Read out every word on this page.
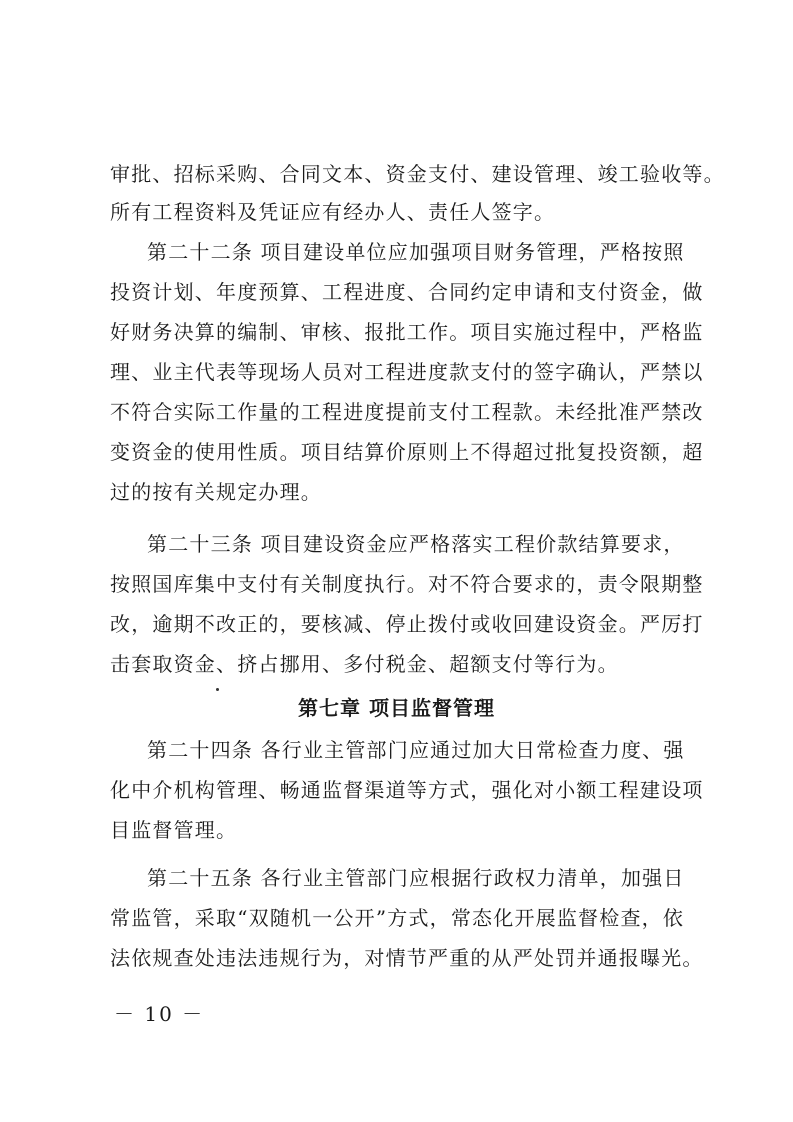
审批、招标采购、合同文本、资金支付、建设管理、竣工验收等。
所有工程资料及凭证应有经办人、责任人签字。
第二十二条 项目建设单位应加强项目财务管理，严格按照
投资计划、年度预算、工程进度、合同约定申请和支付资金，做
好财务决算的编制、审核、报批工作。项目实施过程中，严格监
理、业主代表等现场人员对工程进度款支付的签字确认，严禁以
不符合实际工作量的工程进度提前支付工程款。未经批准严禁改
变资金的使用性质。项目结算价原则上不得超过批复投资额，超
过的按有关规定办理。
第二十三条 项目建设资金应严格落实工程价款结算要求，
按照国库集中支付有关制度执行。对不符合要求的，责令限期整
改，逾期不改正的，要核减、停止拨付或收回建设资金。严厉打
击套取资金、挤占挪用、多付税金、超额支付等行为。
第七章 项目监督管理
第二十四条 各行业主管部门应通过加大日常检查力度、强
化中介机构管理、畅通监督渠道等方式，强化对小额工程建设项
目监督管理。
第二十五条 各行业主管部门应根据行政权力清单，加强日
常监管，采取“双随机一公开”方式，常态化开展监督检查，依
法依规查处违法违规行为，对情节严重的从严处罚并通报曝光。
－ 10 －
